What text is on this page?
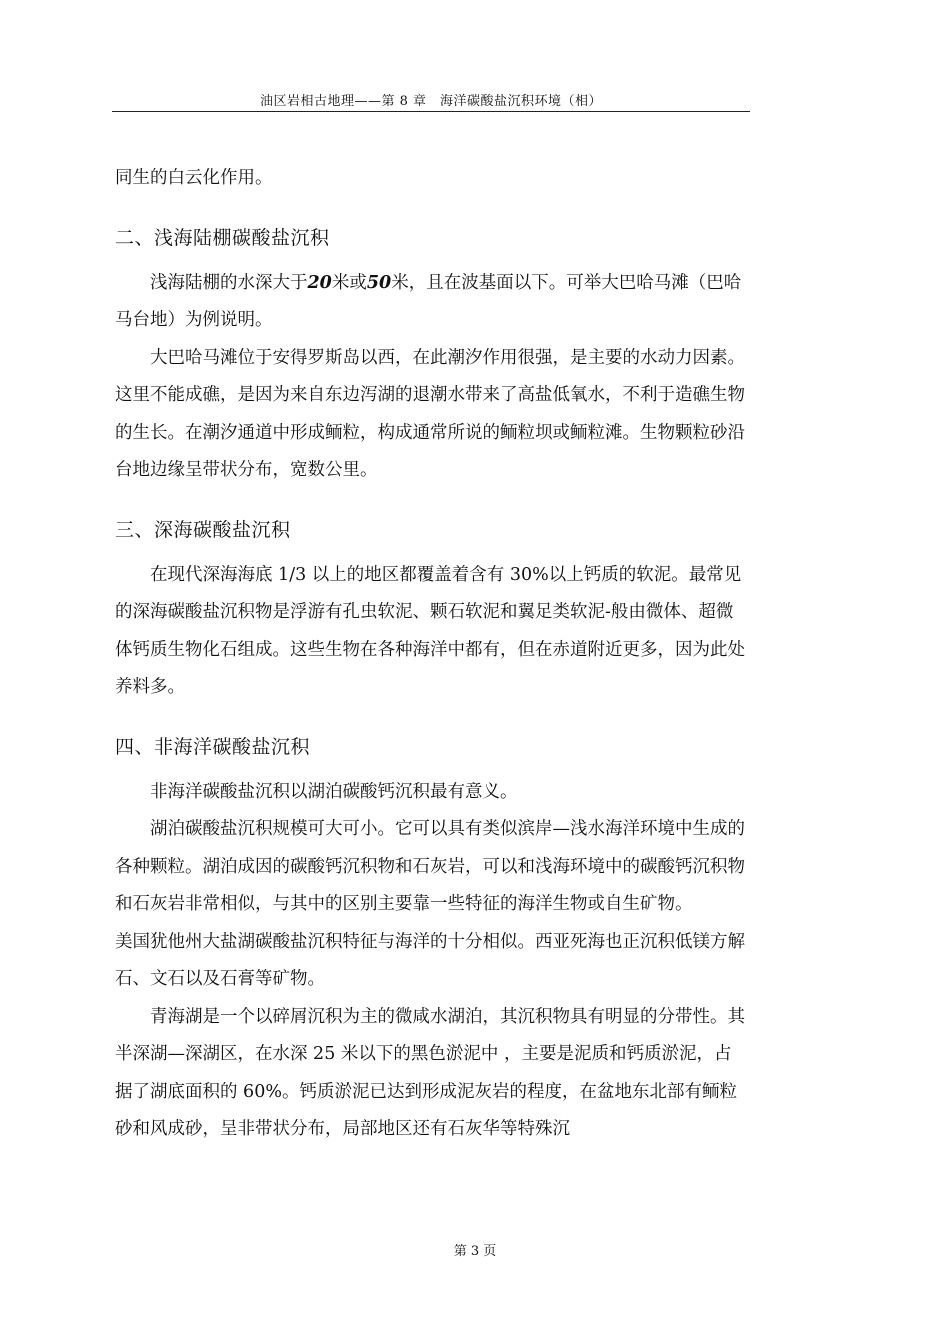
油区岩相古地理——第 8 章　海洋碳酸盐沉积环境（相）

同生的白云化作用。

二、浅海陆棚碳酸盐沉积

浅海陆棚的水深大于20米或50米，且在波基面以下。可举大巴哈马滩（巴哈马台地）为例说明。

大巴哈马滩位于安得罗斯岛以西，在此潮汐作用很强，是主要的水动力因素。这里不能成礁，是因为来自东边泻湖的退潮水带来了高盐低氧水，不利于造礁生物的生长。在潮汐通道中形成鲕粒，构成通常所说的鲕粒坝或鲕粒滩。生物颗粒砂沿台地边缘呈带状分布，宽数公里。

三、深海碳酸盐沉积

在现代深海海底 1/3 以上的地区都覆盖着含有 30%以上钙质的软泥。最常见的深海碳酸盐沉积物是浮游有孔虫软泥、颗石软泥和翼足类软泥-般由微体、超微体钙质生物化石组成。这些生物在各种海洋中都有，但在赤道附近更多，因为此处养料多。

四、非海洋碳酸盐沉积

非海洋碳酸盐沉积以湖泊碳酸钙沉积最有意义。

湖泊碳酸盐沉积规模可大可小。它可以具有类似滨岸—浅水海洋环境中生成的各种颗粒。湖泊成因的碳酸钙沉积物和石灰岩，可以和浅海环境中的碳酸钙沉积物和石灰岩非常相似，与其中的区别主要靠一些特征的海洋生物或自生矿物。

美国犹他州大盐湖碳酸盐沉积特征与海洋的十分相似。西亚死海也正沉积低镁方解石、文石以及石膏等矿物。

青海湖是一个以碎屑沉积为主的微咸水湖泊，其沉积物具有明显的分带性。其半深湖—深湖区，在水深 25 米以下的黑色淤泥中 ，主要是泥质和钙质淤泥，占据了湖底面积的 60%。钙质淤泥已达到形成泥灰岩的程度，在盆地东北部有鲕粒砂和风成砂，呈非带状分布，局部地区还有石灰华等特殊沉

第 3 页
